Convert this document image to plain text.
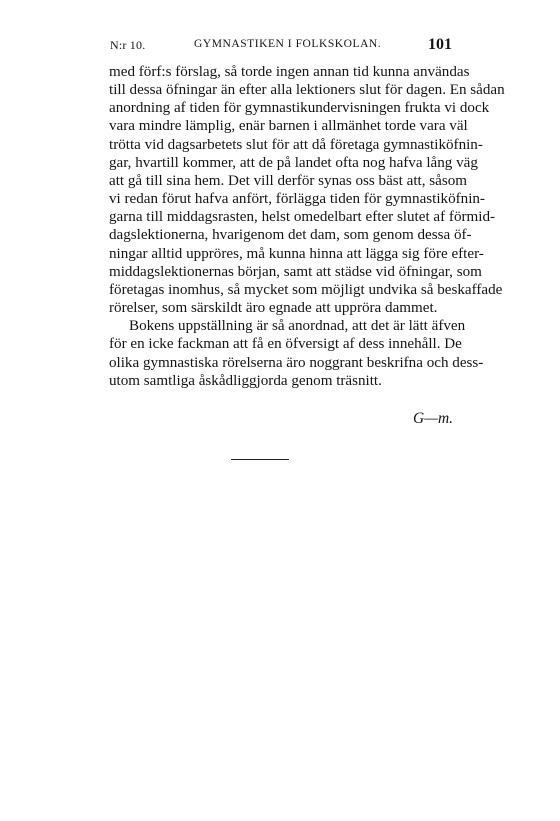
N:r 10.	GYMNASTIKEN I FOLKSKOLAN.	101
med förf:s förslag, så torde ingen annan tid kunna användas
till dessa öfningar än efter alla lektioners slut för dagen. En sådan
anordning af tiden för gymnastikundervisningen frukta vi dock
vara mindre lämplig, enär barnen i allmänhet torde vara väl
trötta vid dagsarbetets slut för att då företaga gymnastiköfnin-
gar, hvartill kommer, att de på landet ofta nog hafva lång väg
att gå till sina hem. Det vill derför synas oss bäst att, såsom
vi redan förut hafva anfört, förlägga tiden för gymnastiköfnin-
garna till middagsrasten, helst omedelbart efter slutet af förmid-
dagslektionerna, hvarigenom det dam, som genom dessa öf-
ningar alltid uppröres, må kunna hinna att lägga sig före efter-
middagslektionernas början, samt att städse vid öfningar, som
företagas inomhus, så mycket som möjligt undvika så beskaffade
rörelser, som särskildt äro egnade att uppröra dammet.
Bokens uppställning är så anordnad, att det är lätt äfven
för en icke fackman att få en öfversigt af dess innehåll. De
olika gymnastiska rörelserna äro noggrant beskrifna och dess-
utom samtliga åskådliggjorda genom träsnitt.
G—m.
